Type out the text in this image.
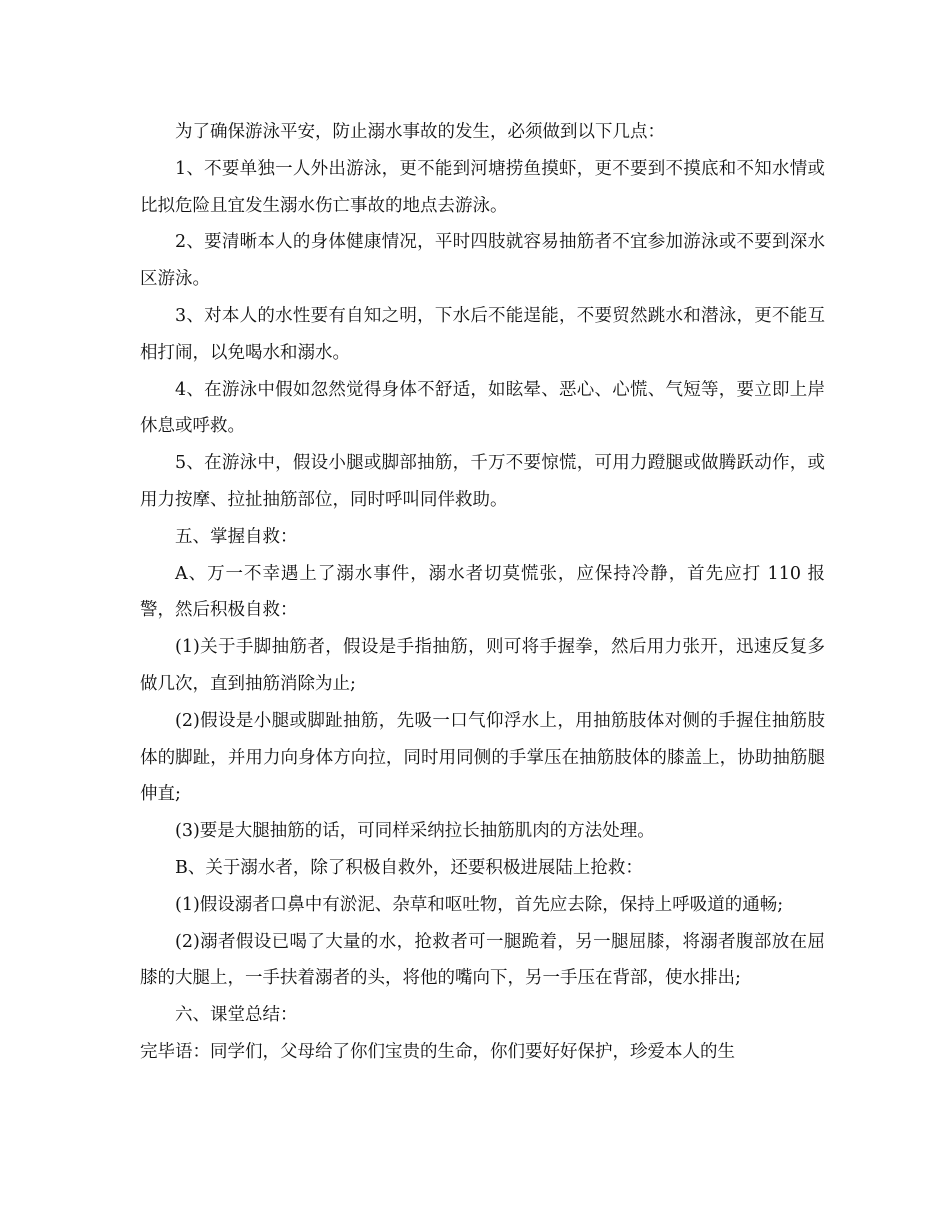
为了确保游泳平安，防止溺水事故的发生，必须做到以下几点：

1、不要单独一人外出游泳，更不能到河塘捞鱼摸虾，更不要到不摸底和不知水情或比拟危险且宜发生溺水伤亡事故的地点去游泳。

2、要清晰本人的身体健康情况，平时四肢就容易抽筋者不宜参加游泳或不要到深水区游泳。

3、对本人的水性要有自知之明，下水后不能逞能，不要贸然跳水和潜泳，更不能互相打闹，以免喝水和溺水。

4、在游泳中假如忽然觉得身体不舒适，如眩晕、恶心、心慌、气短等，要立即上岸休息或呼救。

5、在游泳中，假设小腿或脚部抽筋，千万不要惊慌，可用力蹬腿或做腾跃动作，或用力按摩、拉扯抽筋部位，同时呼叫同伴救助。

五、掌握自救：

A、万一不幸遇上了溺水事件，溺水者切莫慌张，应保持冷静，首先应打 110 报警，然后积极自救：

(1)关于手脚抽筋者，假设是手指抽筋，则可将手握拳，然后用力张开，迅速反复多做几次，直到抽筋消除为止;

(2)假设是小腿或脚趾抽筋，先吸一口气仰浮水上，用抽筋肢体对侧的手握住抽筋肢体的脚趾，并用力向身体方向拉，同时用同侧的手掌压在抽筋肢体的膝盖上，协助抽筋腿伸直;

(3)要是大腿抽筋的话，可同样采纳拉长抽筋肌肉的方法处理。

B、关于溺水者，除了积极自救外，还要积极进展陆上抢救：

(1)假设溺者口鼻中有淤泥、杂草和呕吐物，首先应去除，保持上呼吸道的通畅;

(2)溺者假设已喝了大量的水，抢救者可一腿跪着，另一腿屈膝，将溺者腹部放在屈膝的大腿上，一手扶着溺者的头，将他的嘴向下，另一手压在背部，使水排出;

六、课堂总结：

完毕语：同学们，父母给了你们宝贵的生命，你们要好好保护，珍爱本人的生
